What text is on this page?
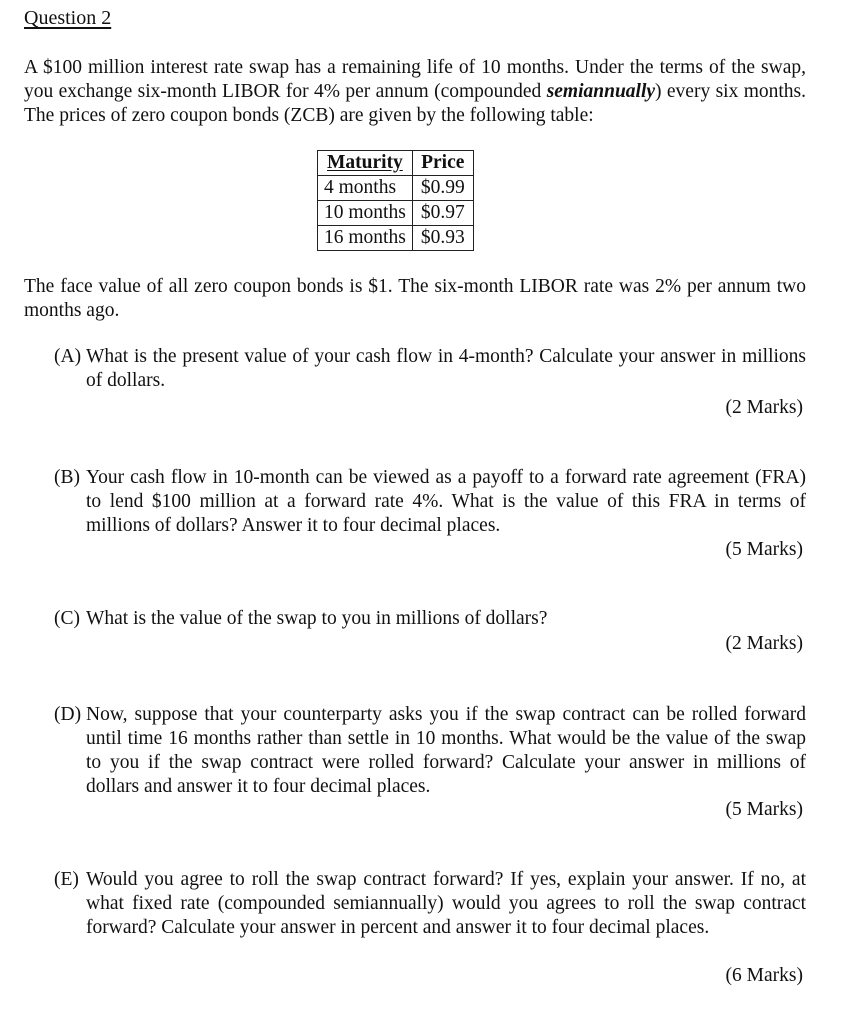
Question 2
A $100 million interest rate swap has a remaining life of 10 months. Under the terms of the swap, you exchange six-month LIBOR for 4% per annum (compounded semiannually) every six months. The prices of zero coupon bonds (ZCB) are given by the following table:
Maturity	Price
4 months	$0.99
10 months	$0.97
16 months	$0.93
The face value of all zero coupon bonds is $1. The six-month LIBOR rate was 2% per annum two months ago.
(A) What is the present value of your cash flow in 4-month? Calculate your answer in millions of dollars.
(2 Marks)
(B) Your cash flow in 10-month can be viewed as a payoff to a forward rate agreement (FRA) to lend $100 million at a forward rate 4%. What is the value of this FRA in terms of millions of dollars? Answer it to four decimal places.
(5 Marks)
(C) What is the value of the swap to you in millions of dollars?
(2 Marks)
(D) Now, suppose that your counterparty asks you if the swap contract can be rolled forward until time 16 months rather than settle in 10 months. What would be the value of the swap to you if the swap contract were rolled forward? Calculate your answer in millions of dollars and answer it to four decimal places.
(5 Marks)
(E) Would you agree to roll the swap contract forward? If yes, explain your answer. If no, at what fixed rate (compounded semiannually) would you agrees to roll the swap contract forward? Calculate your answer in percent and answer it to four decimal places.
(6 Marks)
